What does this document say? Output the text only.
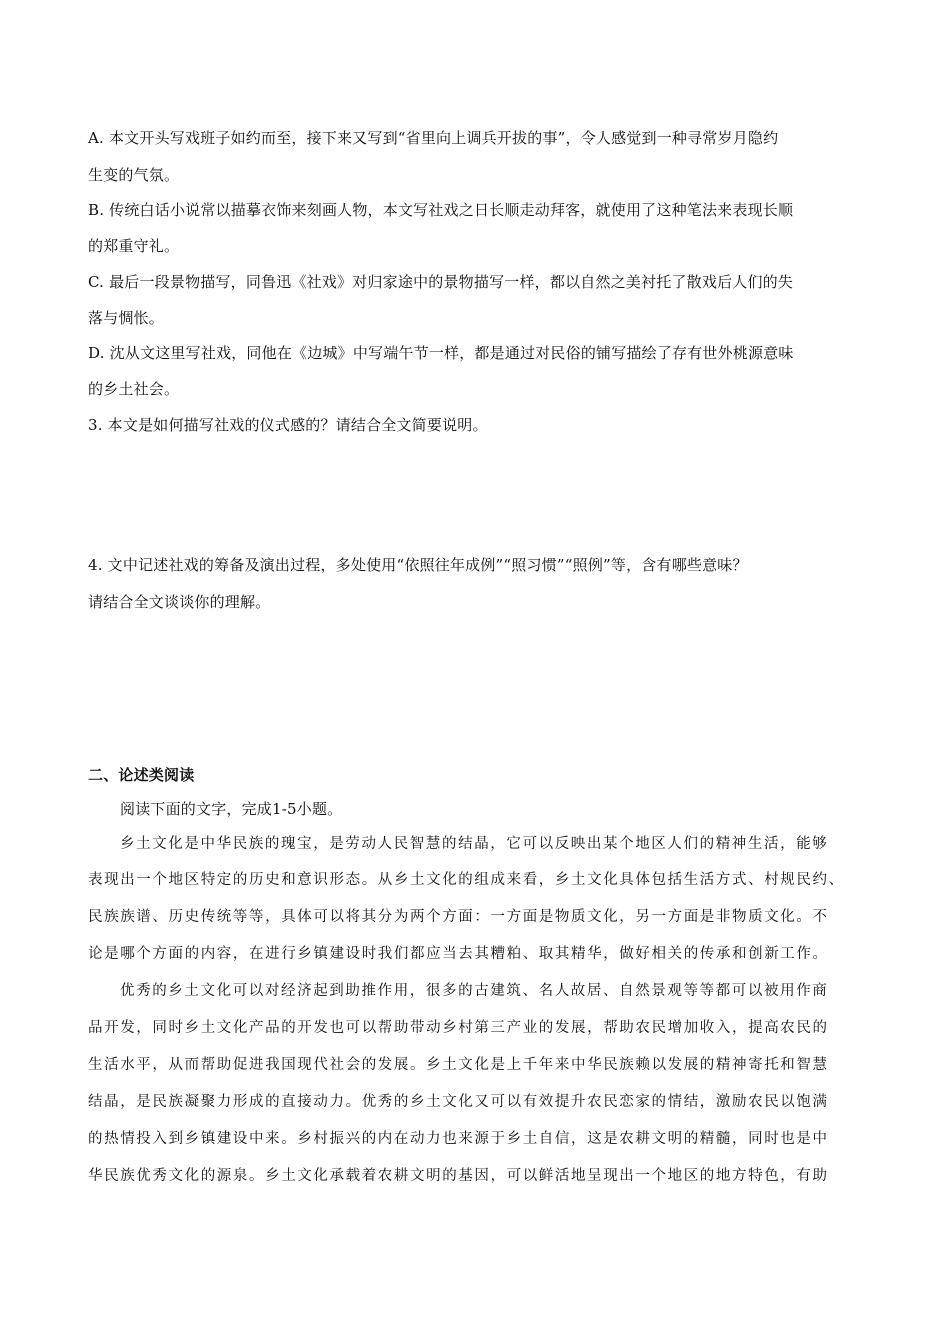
A. 本文开头写戏班子如约而至，接下来又写到“省里向上调兵开拔的事”，令人感觉到一种寻常岁月隐约
生变的气氛。
B. 传统白话小说常以描摹衣饰来刻画人物，本文写社戏之日长顺走动拜客，就使用了这种笔法来表现长顺
的郑重守礼。
C. 最后一段景物描写，同鲁迅《社戏》对归家途中的景物描写一样，都以自然之美衬托了散戏后人们的失
落与惆怅。
D. 沈从文这里写社戏，同他在《边城》中写端午节一样，都是通过对民俗的铺写描绘了存有世外桃源意味
的乡土社会。
3. 本文是如何描写社戏的仪式感的？请结合全文简要说明。
4. 文中记述社戏的筹备及演出过程，多处使用“依照往年成例”“照习惯”“照例”等，含有哪些意味？
请结合全文谈谈你的理解。
二、论述类阅读
阅读下面的文字，完成1-5小题。
乡土文化是中华民族的瑰宝，是劳动人民智慧的结晶，它可以反映出某个地区人们的精神生活，能够
表现出一个地区特定的历史和意识形态。从乡土文化的组成来看，乡土文化具体包括生活方式、村规民约、
民族族谱、历史传统等等，具体可以将其分为两个方面：一方面是物质文化，另一方面是非物质文化。不
论是哪个方面的内容，在进行乡镇建设时我们都应当去其糟粕、取其精华，做好相关的传承和创新工作。
优秀的乡土文化可以对经济起到助推作用，很多的古建筑、名人故居、自然景观等等都可以被用作商
品开发，同时乡土文化产品的开发也可以帮助带动乡村第三产业的发展，帮助农民增加收入，提高农民的
生活水平，从而帮助促进我国现代社会的发展。乡土文化是上千年来中华民族赖以发展的精神寄托和智慧
结晶，是民族凝聚力形成的直接动力。优秀的乡土文化又可以有效提升农民恋家的情结，激励农民以饱满
的热情投入到乡镇建设中来。乡村振兴的内在动力也来源于乡土自信，这是农耕文明的精髓，同时也是中
华民族优秀文化的源泉。乡土文化承载着农耕文明的基因，可以鲜活地呈现出一个地区的地方特色，有助
